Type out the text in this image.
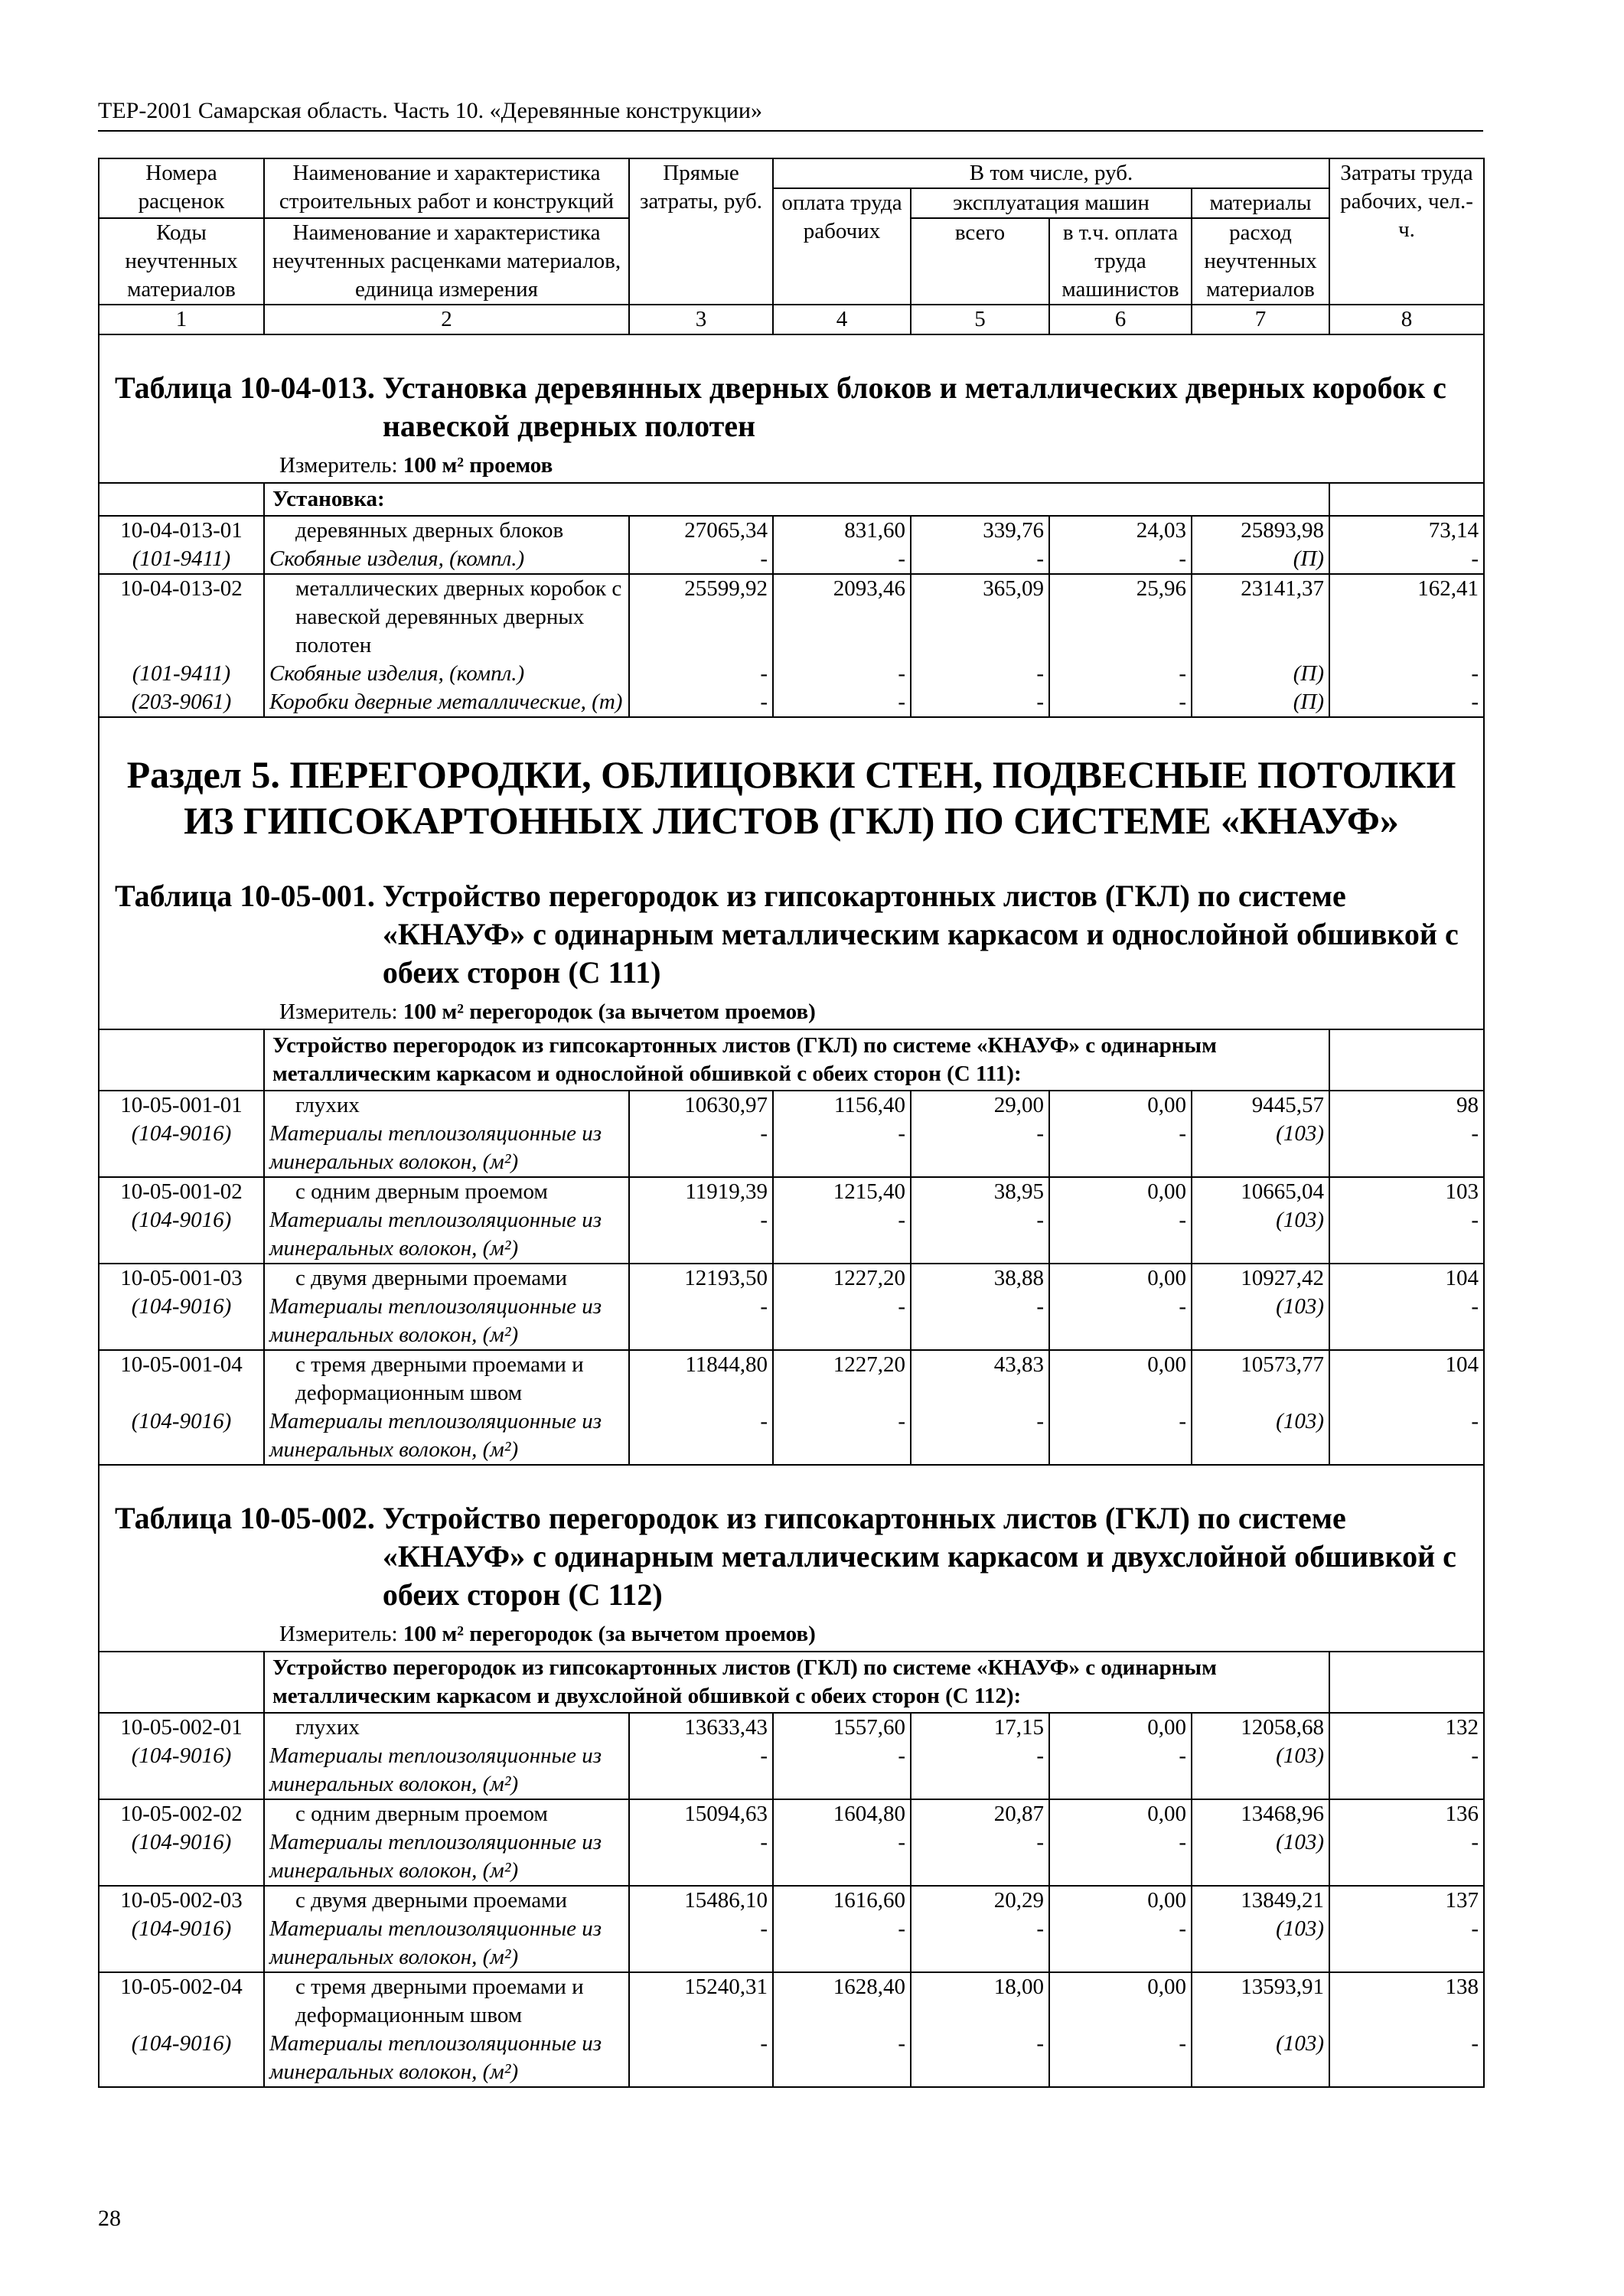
ТЕР-2001 Самарская область. Часть 10. «Деревянные конструкции»
Номера расценок	Наименование и характеристика строительных работ и конструкций	Прямые затраты, руб.	В том числе, руб.				Затраты труда рабочих, чел.-ч.
			оплата труда рабочих	эксплуатация машин		материалы	
Коды неучтенных материалов	Наименование и характеристика неучтенных расценками материалов, единица измерения			всего	в т.ч. оплата труда машинистов	расход неучтенных материалов	

1	2	3	4	5	6	7	8

Таблица 10-04-013.
Установка деревянных дверных блоков и металлических дверных коробок с навеской дверных полотен
Измеритель: 100 м² проемов							

	Установка:						
10-04-013-01	деревянных дверных блоков	27065,34	831,60	339,76	24,03	25893,98	73,14
(101-9411)	Скобяные изделия, (компл.)	-	-	-	-	(П)	-
10-04-013-02	металлических дверных коробок с навеской деревянных дверных полотен	25599,92	2093,46	365,09	25,96	23141,37	162,41
(101-9411)	Скобяные изделия, (компл.)	-	-	-	-	(П)	-
(203-9061)	Коробки дверные металлические, (т)	-	-	-	-	(П)	-

Раздел 5. ПЕРЕГОРОДКИ, ОБЛИЦОВКИ СТЕН, ПОДВЕСНЫЕ ПОТОЛКИ ИЗ ГИПСОКАРТОННЫХ ЛИСТОВ (ГКЛ) ПО СИСТЕМЕ «КНАУФ»							

Таблица 10-05-001.
Устройство перегородок из гипсокартонных листов (ГКЛ) по системе «КНАУФ» с одинарным металлическим каркасом и однослойной обшивкой с обеих сторон (С 111)
Измеритель: 100 м² перегородок (за вычетом проемов)							

	Устройство перегородок из гипсокартонных листов (ГКЛ) по системе «КНАУФ» с одинарным металлическим каркасом и однослойной обшивкой с обеих сторон (С 111):						
10-05-001-01	глухих	10630,97	1156,40	29,00	0,00	9445,57	98
(104-9016)	Материалы теплоизоляционные из минеральных волокон, (м²)	-	-	-	-	(103)	-
10-05-001-02	с одним дверным проемом	11919,39	1215,40	38,95	0,00	10665,04	103
(104-9016)	Материалы теплоизоляционные из минеральных волокон, (м²)	-	-	-	-	(103)	-
10-05-001-03	с двумя дверными проемами	12193,50	1227,20	38,88	0,00	10927,42	104
(104-9016)	Материалы теплоизоляционные из минеральных волокон, (м²)	-	-	-	-	(103)	-
10-05-001-04	с тремя дверными проемами и деформационным швом	11844,80	1227,20	43,83	0,00	10573,77	104
(104-9016)	Материалы теплоизоляционные из минеральных волокон, (м²)	-	-	-	-	(103)	-

Таблица 10-05-002.
Устройство перегородок из гипсокартонных листов (ГКЛ) по системе «КНАУФ» с одинарным металлическим каркасом и двухслойной обшивкой с обеих сторон (С 112)
Измеритель: 100 м² перегородок (за вычетом проемов)							

	Устройство перегородок из гипсокартонных листов (ГКЛ) по системе «КНАУФ» с одинарным металлическим каркасом и двухслойной обшивкой с обеих сторон (С 112):						
10-05-002-01	глухих	13633,43	1557,60	17,15	0,00	12058,68	132
(104-9016)	Материалы теплоизоляционные из минеральных волокон, (м²)	-	-	-	-	(103)	-
10-05-002-02	с одним дверным проемом	15094,63	1604,80	20,87	0,00	13468,96	136
(104-9016)	Материалы теплоизоляционные из минеральных волокон, (м²)	-	-	-	-	(103)	-
10-05-002-03	с двумя дверными проемами	15486,10	1616,60	20,29	0,00	13849,21	137
(104-9016)	Материалы теплоизоляционные из минеральных волокон, (м²)	-	-	-	-	(103)	-
10-05-002-04	с тремя дверными проемами и деформационным швом	15240,31	1628,40	18,00	0,00	13593,91	138
(104-9016)	Материалы теплоизоляционные из минеральных волокон, (м²)	-	-	-	-	(103)	-
28
